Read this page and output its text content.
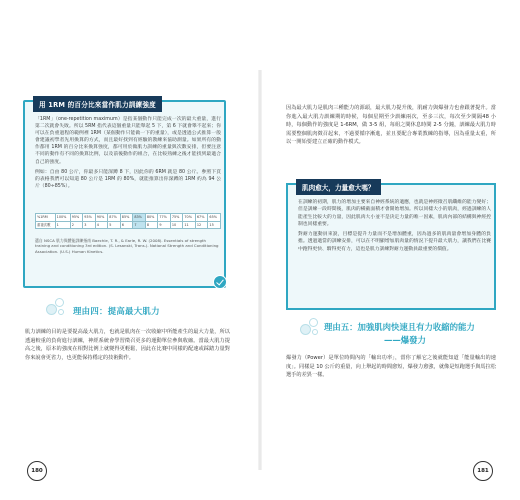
用 1RM 的百分比來當作肌力訓練強度

「1RM」（one-repetition maximum）是指某個動作只能完成一次的最大重量，進行第二次就會失敗。所以 5RM 指代表這個重量只能舉起 5 下，第 6 下就會舉不起來；你可以在負重過程的範例裡 1RM（某個動作只能做一下的重量），或是透過公式推算一般會建議初學者先用換算的方式，而且最好找到有經驗的教練來協助測量。如果所有的動作都用 1RM 的百分比來換算強度，都可用於做肌力訓練的重量與次數安排，但要注意不同的動作有不同的換算比例，以及前後動作的組合，在比較熟練之後才能找到最適合自己的強度。

例如：自由 80 公斤，你最多只能深蹲 8 下，因此你的 6RM 就是 80 公斤。參照下頁的表格我們可以知道 80 公斤是 1RM 的 80%，就能推算出你深蹲的 1RM 約為 94 公斤（80÷85%）。

%1RM	100%	95%	93%	90%	87%	85%	83%	80%	77%	75%	70%	67%	65%
重複次數	1	2	3	4	5	6	7	8	9	10	11	12	15
選自 NSCA 肌力與體能訓練指南 Baechle, T. R., & Earle, R. W. (2008). Essentials of strength training and conditioning 3rd edition. (S. Lesanski, Trans.). National Strength and Conditioning Association. (U.S.) Human Kinetics.
理由四：提高最大肌力
肌力訓練的目的是要提高最大肌力，也就是肌肉在一次收縮中所能產生的最大力量，所以透過較重的負荷進行訓練，神經系統會學習徵召更多的運動單位參與收縮。當最大肌力提高之後，原本的強度在相對比例上就變得更輕鬆，因此在比賽中同樣的配速或踩踏力量對你來說會更省力，也更能保持穩定的技術動作。
180
因為最大肌力是肌肉三種能力的源頭，最大肌力提升後，肌耐力與爆發力也會跟著提升。當你進入最大肌力訓練期的時候，每個星期至少訓練兩次，至多三次，每次至少間隔48 小時，每個動作的強度是 1-6RM，做 3-5 組，每組之間休息時間 2-5 分鐘，訓練最大肌力時需要整個肌肉徵召起來，不過要循序漸進，並且要配合專業教練的指導，因為重量太重，所以一開始要建立正確的動作模式。
肌肉愈大，力量愈大嗎？

在訓練的初期，肌力的增加主要來自神經系統的適應，也就是神經徵召肌纖維的能力變好；但是訓練一段時間後，肌肉的橫截面積才會開始增加。所以同樣大小的肌肉，經過訓練的人能產生比較大的力量，因此肌肉大小並不是決定力量的唯一因素，肌肉內部的結構與神經控制也同樣重要。

對耐力運動員來說，目標是提升力量而不是增加體重，因為過多的肌肉量會增加身體的負擔。透過適當的訓練安排，可以在不明顯增加肌肉量的情況下提升最大肌力，讓我們在比賽中跑得更快、騎得更有力，這也是肌力訓練對耐力運動員最重要的價值。

理由五：加強肌肉快速且有力收縮的能力
——爆發力
爆發力（Power）是單位時間內的「輸出功率」，當你了解它之後就能知道「能量輸出的速度」。同樣是 10 公斤的重量，向上舉起的時間愈短，爆發力愈強，就像是短跑選手與馬拉松選手的差異一樣。
181
